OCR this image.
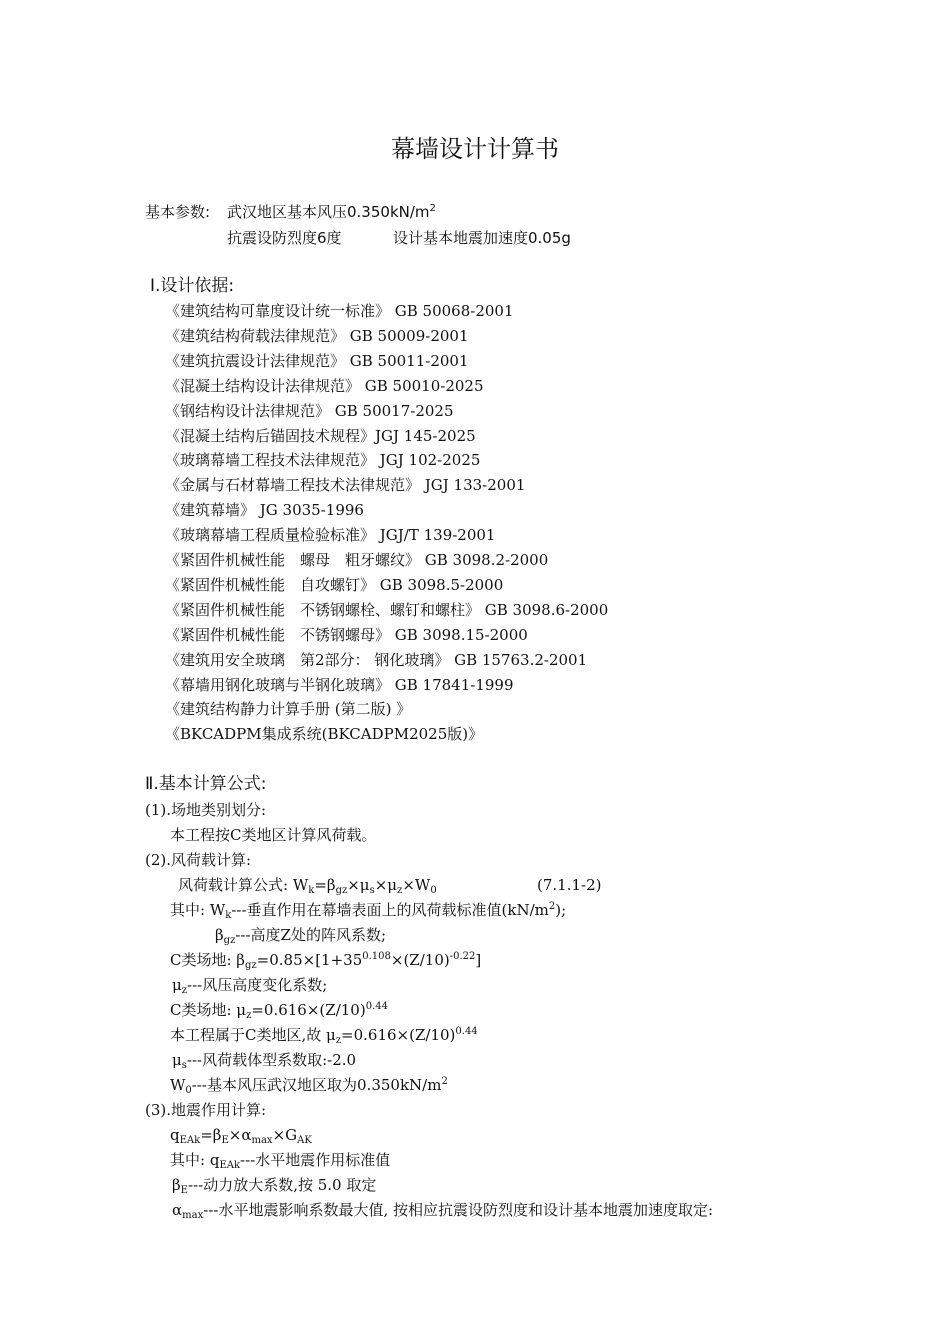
幕墙设计计算书
基本参数: 武汉地区基本风压$0.350kN/m^2$
抗震设防烈度6度	设计基本地震加速度0.05g
Ⅰ.设计依据:
《建筑结构可靠度设计统一标准》 GB 50068-2001
《建筑结构荷载法律规范》 GB 50009-2001
《建筑抗震设计法律规范》 GB 50011-2001
《混凝土结构设计法律规范》 GB 50010-2025
《钢结构设计法律规范》 GB 50017-2025
《混凝土结构后锚固技术规程》JGJ 145-2025
《玻璃幕墙工程技术法律规范》 JGJ 102-2025
《金属与石材幕墙工程技术法律规范》 JGJ 133-2001
《建筑幕墙》 JG 3035-1996
《玻璃幕墙工程质量检验标准》 JGJ/T 139-2001
《紧固件机械性能　螺母　粗牙螺纹》 GB 3098.2-2000
《紧固件机械性能　自攻螺钉》 GB 3098.5-2000
《紧固件机械性能　不锈钢螺栓、螺钉和螺柱》 GB 3098.6-2000
《紧固件机械性能　不锈钢螺母》 GB 3098.15-2000
《建筑用安全玻璃　第2部分： 钢化玻璃》 GB 15763.2-2001
《幕墙用钢化玻璃与半钢化玻璃》 GB 17841-1999
《建筑结构静力计算手册 (第二版) 》
《BKCADPM集成系统(BKCADPM2025版)》
Ⅱ.基本计算公式:
(1).场地类别划分:
本工程按C类地区计算风荷载。
(2).风荷载计算:
风荷载计算公式: $W_k=\beta_{gz}\times\mu_s\times\mu_z\times W_0$	(7.1.1-2)
其中: $W_k---$垂直作用在幕墙表面上的风荷载标准值$(kN/m^2)$;
$\beta_{gz}---$高度Z处的阵风系数;
C类场地: $\beta_{gz}=0.85\times[1+35^{0.108}\times(Z/10)^{-0.22}]$
$\mu_z---$风压高度变化系数;
C类场地: $\mu_z=0.616\times(Z/10)^{0.44}$
本工程属于C类地区,故 $\mu_z=0.616\times(Z/10)^{0.44}$
$\mu_s---$风荷载体型系数取:-2.0
$W_0---$基本风压武汉地区取为$0.350kN/m^2$
(3).地震作用计算:
$q_{EAk}=\beta_E\times\alpha_{max}\times G_{AK}$
其中: $q_{EAk}---$水平地震作用标准值
$\beta_E---$动力放大系数,按 5.0 取定
$\alpha_{max}---$水平地震影响系数最大值, 按相应抗震设防烈度和设计基本地震加速度取定:
